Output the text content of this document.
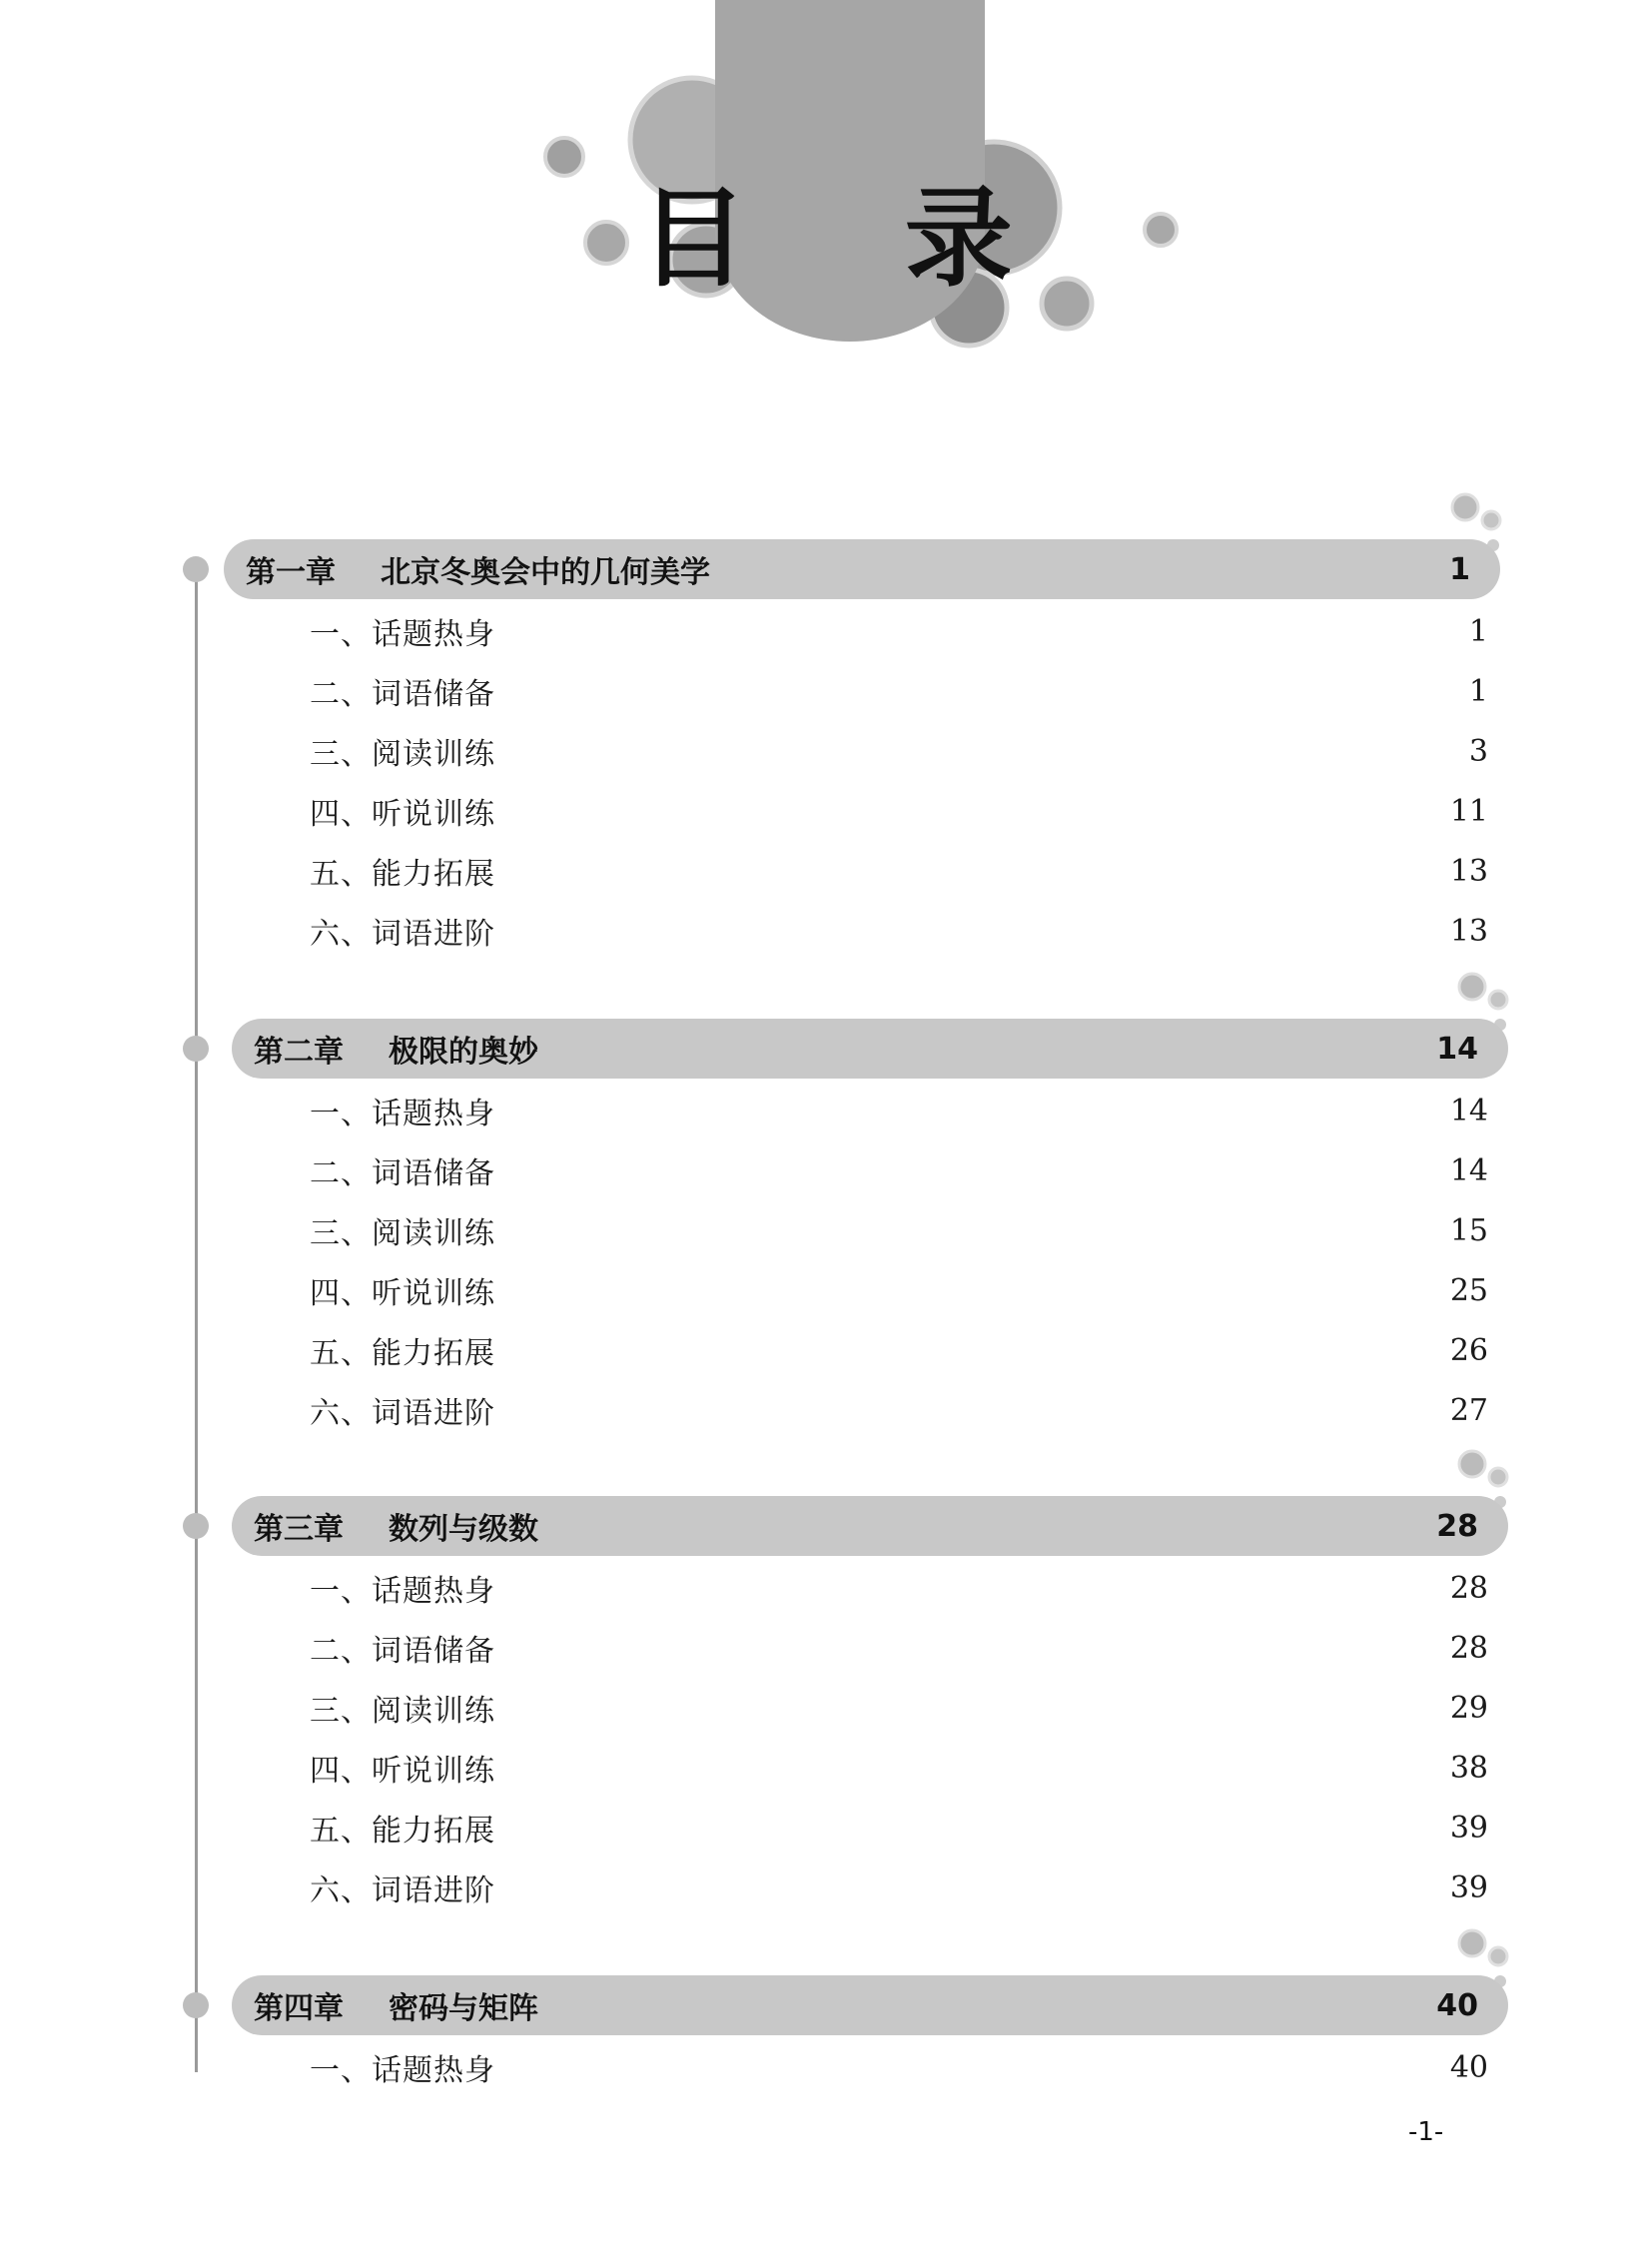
目 录
第一章	北京冬奥会中的几何美学	1
一、话题热身	1
二、词语储备	1
三、阅读训练	3
四、听说训练	11
五、能力拓展	13
六、词语进阶	13
第二章	极限的奥妙	14
一、话题热身	14
二、词语储备	14
三、阅读训练	15
四、听说训练	25
五、能力拓展	26
六、词语进阶	27
第三章	数列与级数	28
一、话题热身	28
二、词语储备	28
三、阅读训练	29
四、听说训练	38
五、能力拓展	39
六、词语进阶	39
第四章	密码与矩阵	40
一、话题热身	40
-1-
